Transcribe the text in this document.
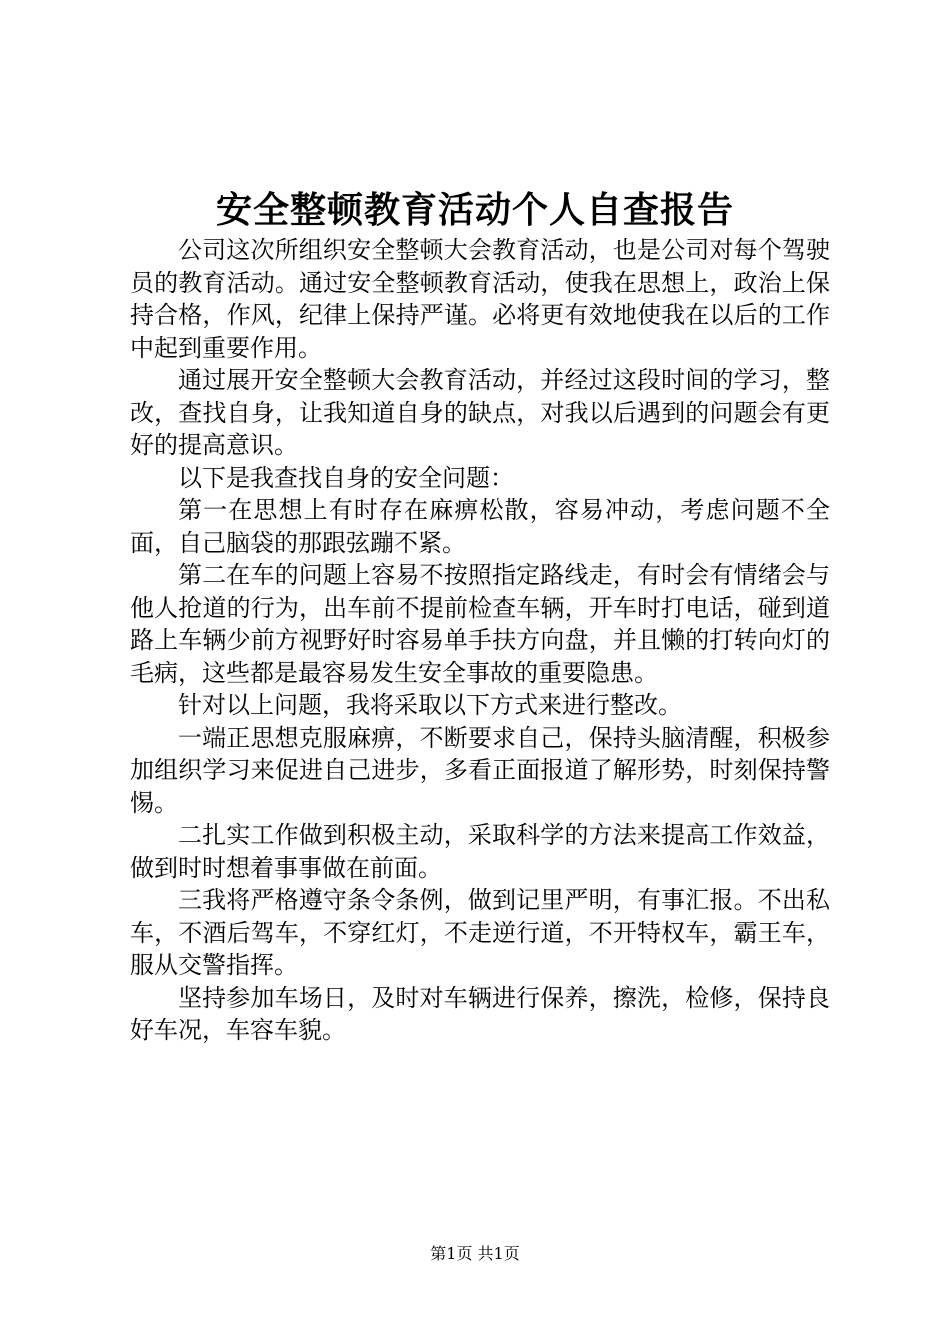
安全整顿教育活动个人自查报告

公司这次所组织安全整顿大会教育活动，也是公司对每个驾驶员的教育活动。通过安全整顿教育活动，使我在思想上，政治上保持合格，作风，纪律上保持严谨。必将更有效地使我在以后的工作中起到重要作用。

通过展开安全整顿大会教育活动，并经过这段时间的学习，整改，查找自身，让我知道自身的缺点，对我以后遇到的问题会有更好的提高意识。

以下是我查找自身的安全问题：

第一在思想上有时存在麻痹松散，容易冲动，考虑问题不全面，自己脑袋的那跟弦蹦不紧。

第二在车的问题上容易不按照指定路线走，有时会有情绪会与他人抢道的行为，出车前不提前检查车辆，开车时打电话，碰到道路上车辆少前方视野好时容易单手扶方向盘，并且懒的打转向灯的毛病，这些都是最容易发生安全事故的重要隐患。

针对以上问题，我将采取以下方式来进行整改。

一端正思想克服麻痹，不断要求自己，保持头脑清醒，积极参加组织学习来促进自己进步，多看正面报道了解形势，时刻保持警惕。

二扎实工作做到积极主动，采取科学的方法来提高工作效益，做到时时想着事事做在前面。

三我将严格遵守条令条例，做到记里严明，有事汇报。不出私车，不酒后驾车，不穿红灯，不走逆行道，不开特权车，霸王车，服从交警指挥。

坚持参加车场日，及时对车辆进行保养，擦洗，检修，保持良好车况，车容车貌。

第1页 共1页
